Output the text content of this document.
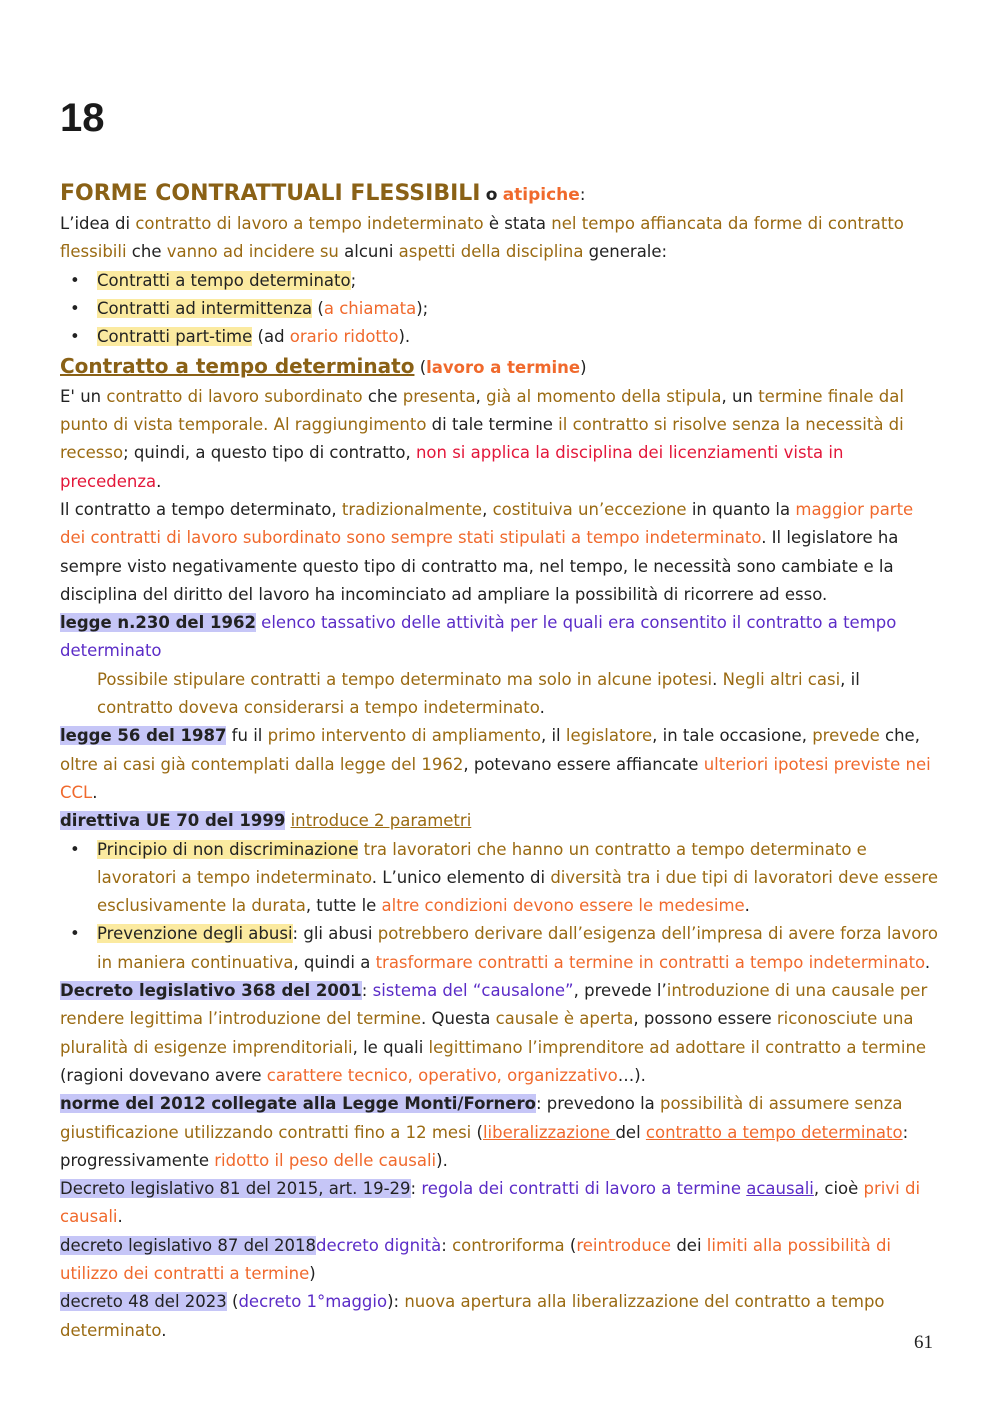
18

FORME CONTRATTUALI FLESSIBILI o atipiche:

L’idea di contratto di lavoro a tempo indeterminato è stata nel tempo affiancata da forme di contratto flessibili che vanno ad incidere su alcuni aspetti della disciplina generale:

• Contratti a tempo determinato;
• Contratti ad intermittenza (a chiamata);
• Contratti part-time (ad orario ridotto).

Contratto a tempo determinato (lavoro a termine)

E' un contratto di lavoro subordinato che presenta, già al momento della stipula, un termine finale dal punto di vista temporale. Al raggiungimento di tale termine il contratto si risolve senza la necessità di recesso; quindi, a questo tipo di contratto, non si applica la disciplina dei licenziamenti vista in precedenza.

Il contratto a tempo determinato, tradizionalmente, costituiva un’eccezione in quanto la maggior parte dei contratti di lavoro subordinato sono sempre stati stipulati a tempo indeterminato. Il legislatore ha sempre visto negativamente questo tipo di contratto ma, nel tempo, le necessità sono cambiate e la disciplina del diritto del lavoro ha incominciato ad ampliare la possibilità di ricorrere ad esso.

legge n.230 del 1962 elenco tassativo delle attività per le quali era consentito il contratto a tempo determinato

Possibile stipulare contratti a tempo determinato ma solo in alcune ipotesi. Negli altri casi, il contratto doveva considerarsi a tempo indeterminato.

legge 56 del 1987 fu il primo intervento di ampliamento, il legislatore, in tale occasione, prevede che, oltre ai casi già contemplati dalla legge del 1962, potevano essere affiancate ulteriori ipotesi previste nei CCL.

direttiva UE 70 del 1999 introduce 2 parametri

• Principio di non discriminazione tra lavoratori che hanno un contratto a tempo determinato e lavoratori a tempo indeterminato. L’unico elemento di diversità tra i due tipi di lavoratori deve essere esclusivamente la durata, tutte le altre condizioni devono essere le medesime.
• Prevenzione degli abusi: gli abusi potrebbero derivare dall’esigenza dell’impresa di avere forza lavoro in maniera continuativa, quindi a trasformare contratti a termine in contratti a tempo indeterminato.

Decreto legislativo 368 del 2001: sistema del “causalone”, prevede l’introduzione di una causale per rendere legittima l’introduzione del termine. Questa causale è aperta, possono essere riconosciute una pluralità di esigenze imprenditoriali, le quali legittimano l’imprenditore ad adottare il contratto a termine (ragioni dovevano avere carattere tecnico, operativo, organizzativo…).

norme del 2012 collegate alla Legge Monti/Fornero: prevedono la possibilità di assumere senza giustificazione utilizzando contratti fino a 12 mesi (liberalizzazione del contratto a tempo determinato: progressivamente ridotto il peso delle causali).

Decreto legislativo 81 del 2015, art. 19-29: regola dei contratti di lavoro a termine acausali, cioè privi di causali.

decreto legislativo 87 del 2018decreto dignità: controriforma (reintroduce dei limiti alla possibilità di utilizzo dei contratti a termine)

decreto 48 del 2023 (decreto 1°maggio): nuova apertura alla liberalizzazione del contratto a tempo determinato.

61
